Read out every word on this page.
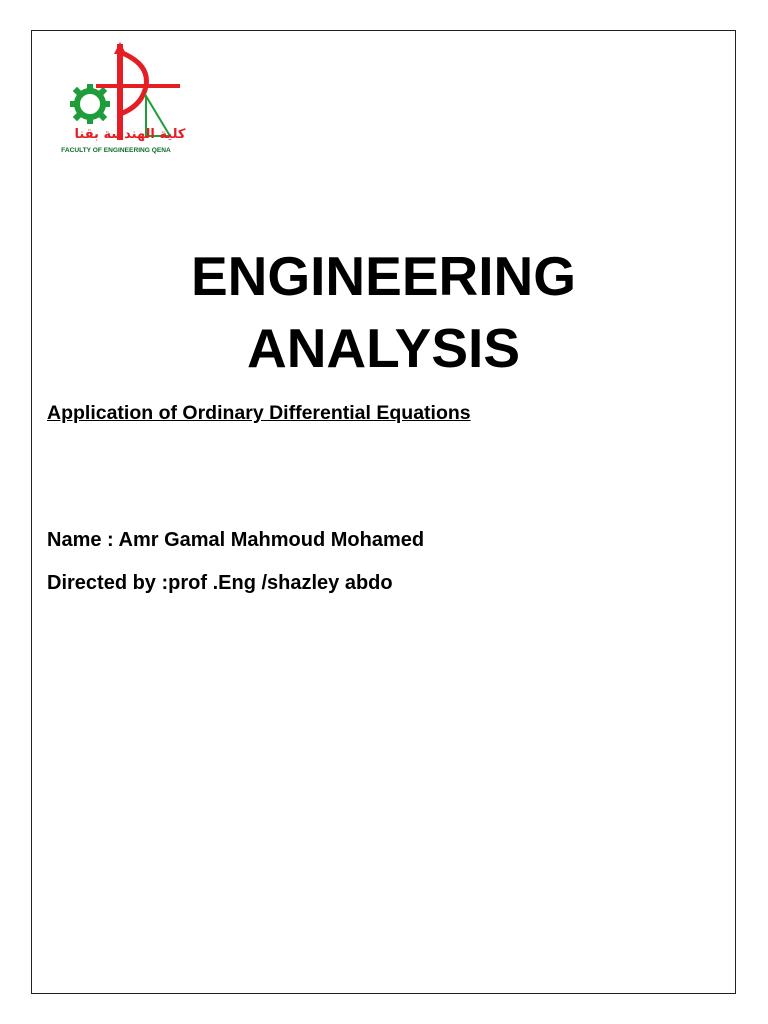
كلية الهندسة بقنا
FACULTY OF ENGINEERING QENA
ENGINEERING
ANALYSIS
Application of Ordinary Differential Equations
Name : Amr Gamal Mahmoud Mohamed
Directed by :prof .Eng /shazley abdo
